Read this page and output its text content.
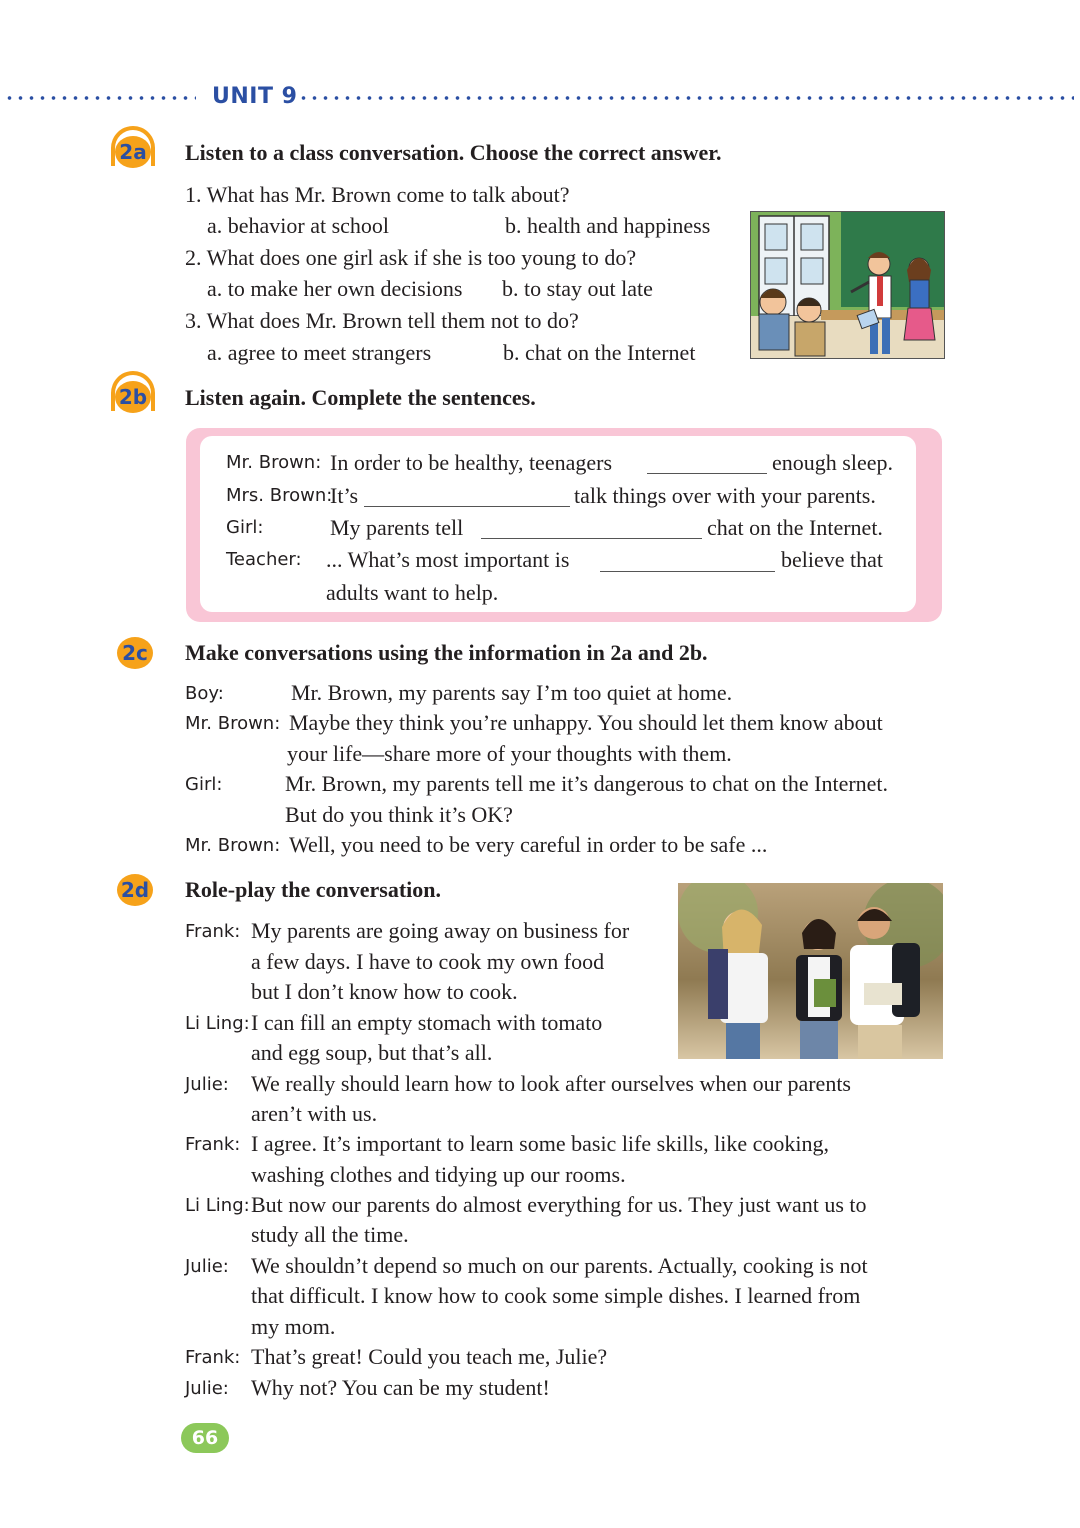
UNIT 9
2a Listen to a class conversation. Choose the correct answer.
1. What has Mr. Brown come to talk about?
a. behavior at school	b. health and happiness
2. What does one girl ask if she is too young to do?
a. to make her own decisions b. to stay out late
3. What does Mr. Brown tell them not to do?
a. agree to meet strangers	b. chat on the Internet
2b Listen again. Complete the sentences.
Mr. Brown: In order to be healthy, teenagers	enough sleep.
Mrs. Brown:
It’s	talk things over with your parents.
Girl:	My parents tell	chat on the Internet.
Teacher: ... What’s most important is	believe that
adults want to help.
2c Make conversations using the information in 2a and 2b.
Boy:	Mr. Brown, my parents say I’m too quiet at home.
Mr. Brown: Maybe they think you’re unhappy. You should let them know about
your life—share more of your thoughts with them.
Girl:	Mr. Brown, my parents tell me it’s dangerous to chat on the Internet.
But do you think it’s OK?
Mr. Brown: Well, you need to be very careful in order to be safe ...
2d Role-play the conversation.
Frank: My parents are going away on business for
a few days. I have to cook my own food
but I don’t know how to cook.
Li Ling: I can fill an empty stomach with tomato
and egg soup, but that’s all.
Julie: We really should learn how to look after ourselves when our parents
aren’t with us.
Frank: I agree. It’s important to learn some basic life skills, like cooking,
washing clothes and tidying up our rooms.
Li Ling: But now our parents do almost everything for us. They just want us to
study all the time.
Julie: We shouldn’t depend so much on our parents. Actually, cooking is not
that difficult. I know how to cook some simple dishes. I learned from
my mom.
Frank: That’s great! Could you teach me, Julie?
Julie: Why not? You can be my student!
66
